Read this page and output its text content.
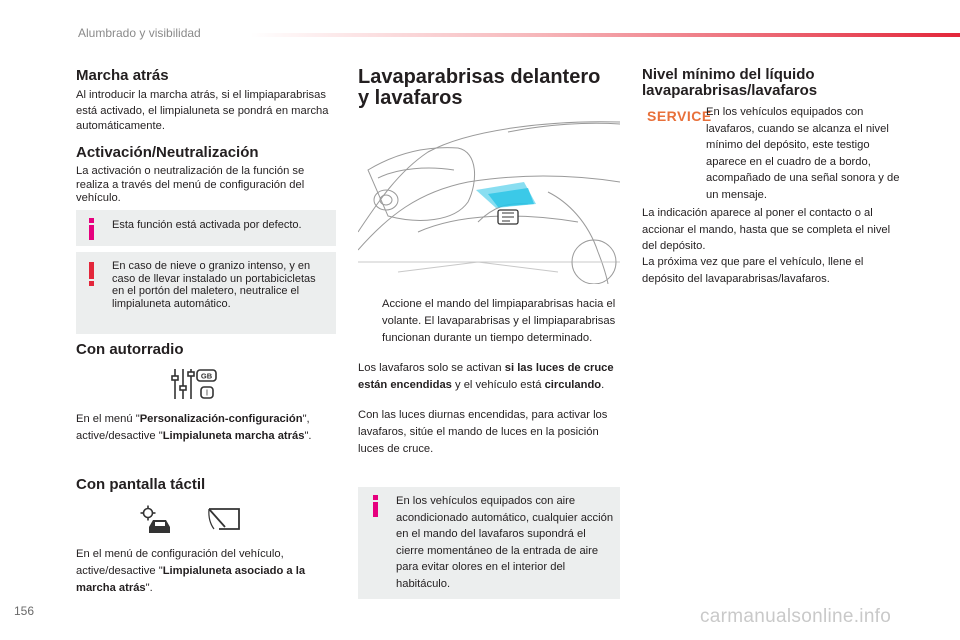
Alumbrado y visibilidad
Marcha atrás
Al introducir la marcha atrás, si el limpiaparabrisas está activado, el limpialuneta se pondrá en marcha automáticamente.
Activación/Neutralización
La activación o neutralización de la función se realiza a través del menú de configuración del vehículo.
Esta función está activada por defecto.
En caso de nieve o granizo intenso, y en caso de llevar instalado un portabicicletas en el portón del maletero, neutralice el limpialuneta automático.
Con autorradio
GB
I
En el menú "Personalización-configuración", active/desactive "Limpialuneta marcha atrás".
Con pantalla táctil
En el menú de configuración del vehículo, active/desactive "Limpialuneta asociado a la marcha atrás".
Lavaparabrisas delantero y lavafaros
Accione el mando del limpiaparabrisas hacia el volante. El lavaparabrisas y el limpiaparabrisas funcionan durante un tiempo determinado.
Los lavafaros solo se activan si las luces de cruce están encendidas y el vehículo está circulando.
Con las luces diurnas encendidas, para activar los lavafaros, sitúe el mando de luces en la posición luces de cruce.
En los vehículos equipados con aire acondicionado automático, cualquier acción en el mando del lavafaros supondrá el cierre momentáneo de la entrada de aire para evitar olores en el interior del habitáculo.
Nivel mínimo del líquido lavaparabrisas/lavafaros
SERVICE
En los vehículos equipados con lavafaros, cuando se alcanza el nivel mínimo del depósito, este testigo aparece en el cuadro de a bordo, acompañado de una señal sonora y de un mensaje.
La indicación aparece al poner el contacto o al accionar el mando, hasta que se completa el nivel del depósito.
La próxima vez que pare el vehículo, llene el depósito del lavaparabrisas/lavafaros.
156	carmanualsonline.info
